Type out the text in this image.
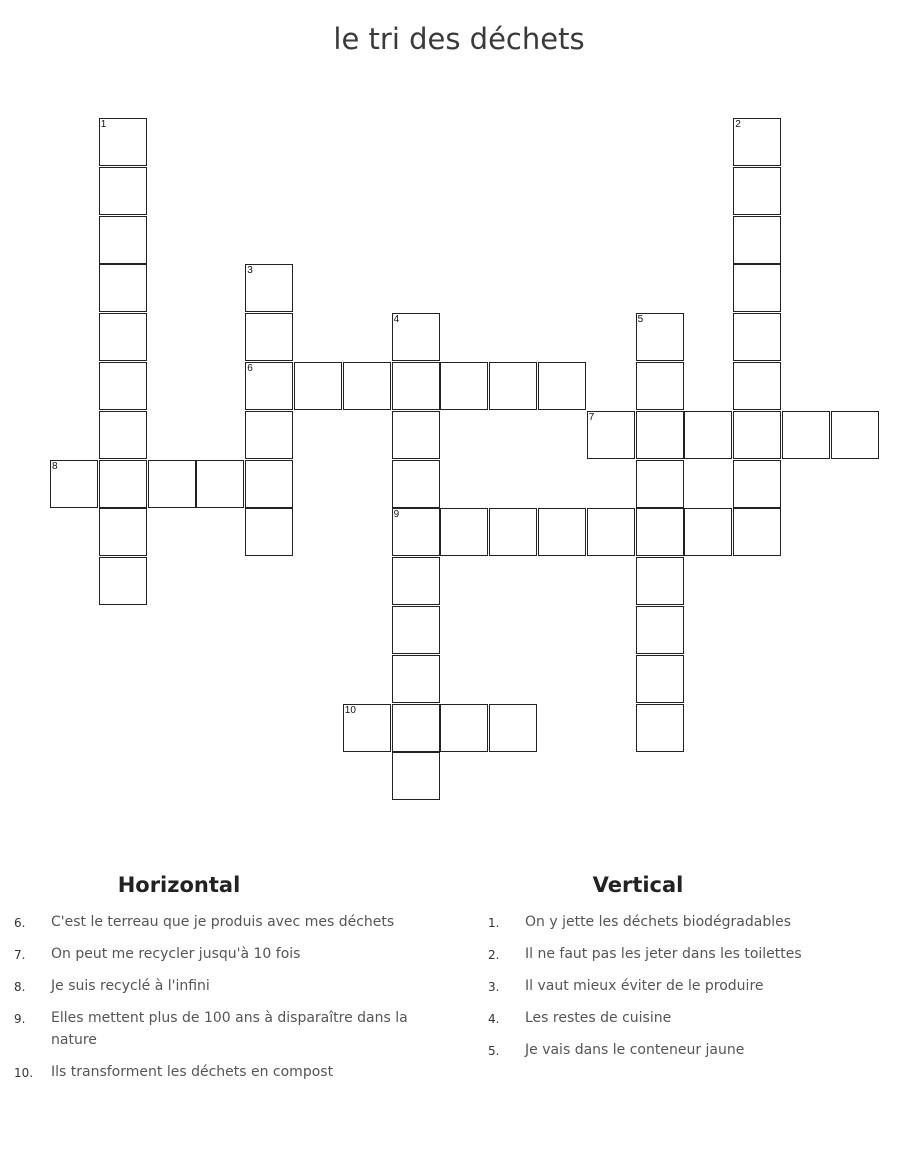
le tri des déchets
1	2
3
6
4
9
5
7
8
10
Horizontal
6. C'est le terreau que je produis avec mes déchets
7. On peut me recycler jusqu'à 10 fois
8. Je suis recyclé à l'infini
9. Elles mettent plus de 100 ans à disparaître dans la nature
10. Ils transforment les déchets en compost
Vertical
1. On y jette les déchets biodégradables
2. Il ne faut pas les jeter dans les toilettes
3. Il vaut mieux éviter de le produire
4. Les restes de cuisine
5. Je vais dans le conteneur jaune
